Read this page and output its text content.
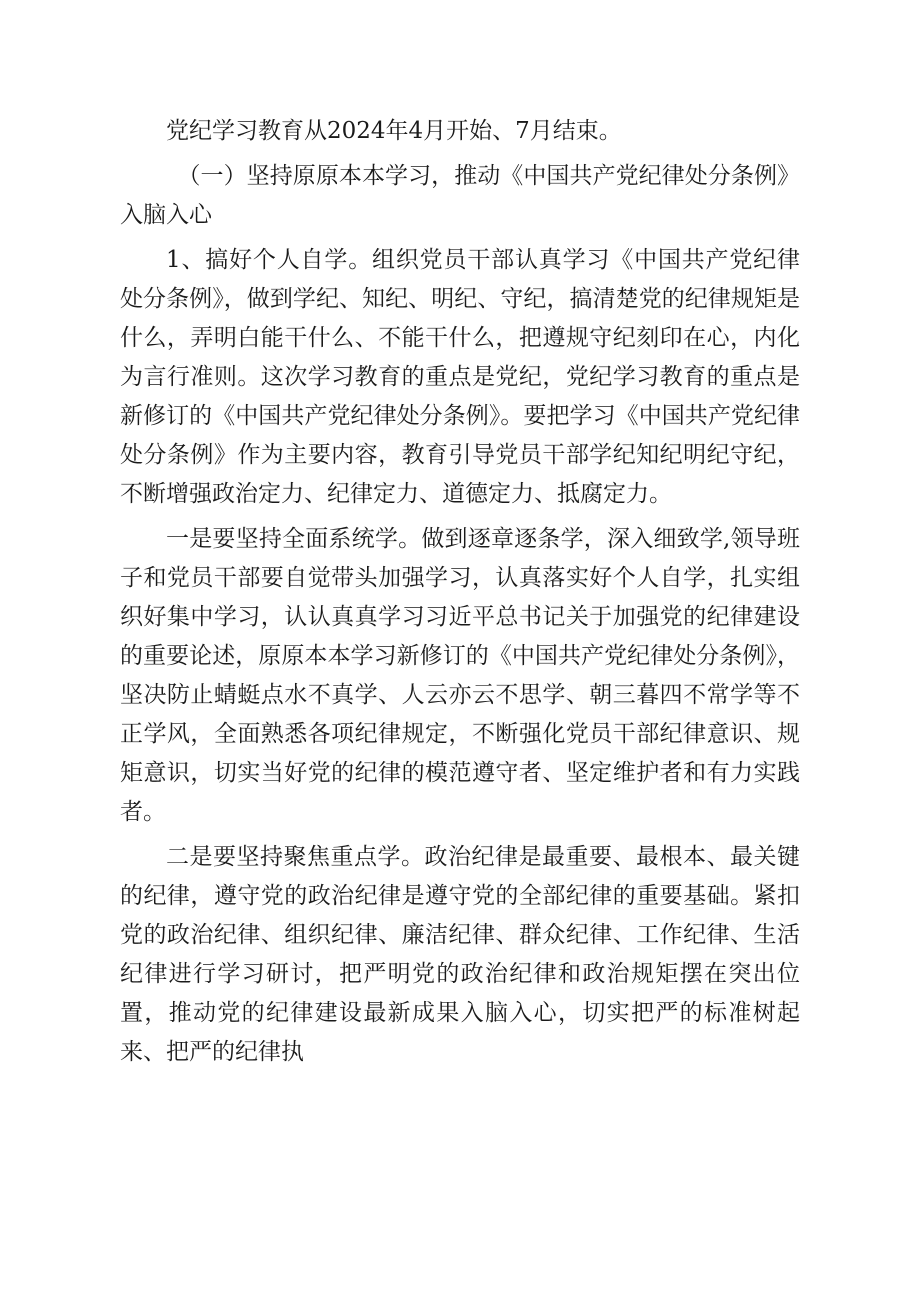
党纪学习教育从2024年4月开始、7月结束。

（一）坚持原原本本学习，推动《中国共产党纪律处分条例》入脑入心

1、搞好个人自学。组织党员干部认真学习《中国共产党纪律处分条例》，做到学纪、知纪、明纪、守纪，搞清楚党的纪律规矩是什么，弄明白能干什么、不能干什么，把遵规守纪刻印在心，内化为言行准则。这次学习教育的重点是党纪，党纪学习教育的重点是新修订的《中国共产党纪律处分条例》。要把学习《中国共产党纪律处分条例》作为主要内容，教育引导党员干部学纪知纪明纪守纪，不断增强政治定力、纪律定力、道德定力、抵腐定力。

一是要坚持全面系统学。做到逐章逐条学，深入细致学,领导班子和党员干部要自觉带头加强学习，认真落实好个人自学，扎实组织好集中学习，认认真真学习习近平总书记关于加强党的纪律建设的重要论述，原原本本学习新修订的《中国共产党纪律处分条例》，坚决防止蜻蜓点水不真学、人云亦云不思学、朝三暮四不常学等不正学风，全面熟悉各项纪律规定，不断强化党员干部纪律意识、规矩意识，切实当好党的纪律的模范遵守者、坚定维护者和有力实践者。

二是要坚持聚焦重点学。政治纪律是最重要、最根本、最关键的纪律，遵守党的政治纪律是遵守党的全部纪律的重要基础。紧扣党的政治纪律、组织纪律、廉洁纪律、群众纪律、工作纪律、生活纪律进行学习研讨，把严明党的政治纪律和政治规矩摆在突出位置，推动党的纪律建设最新成果入脑入心，切实把严的标准树起来、把严的纪律执
